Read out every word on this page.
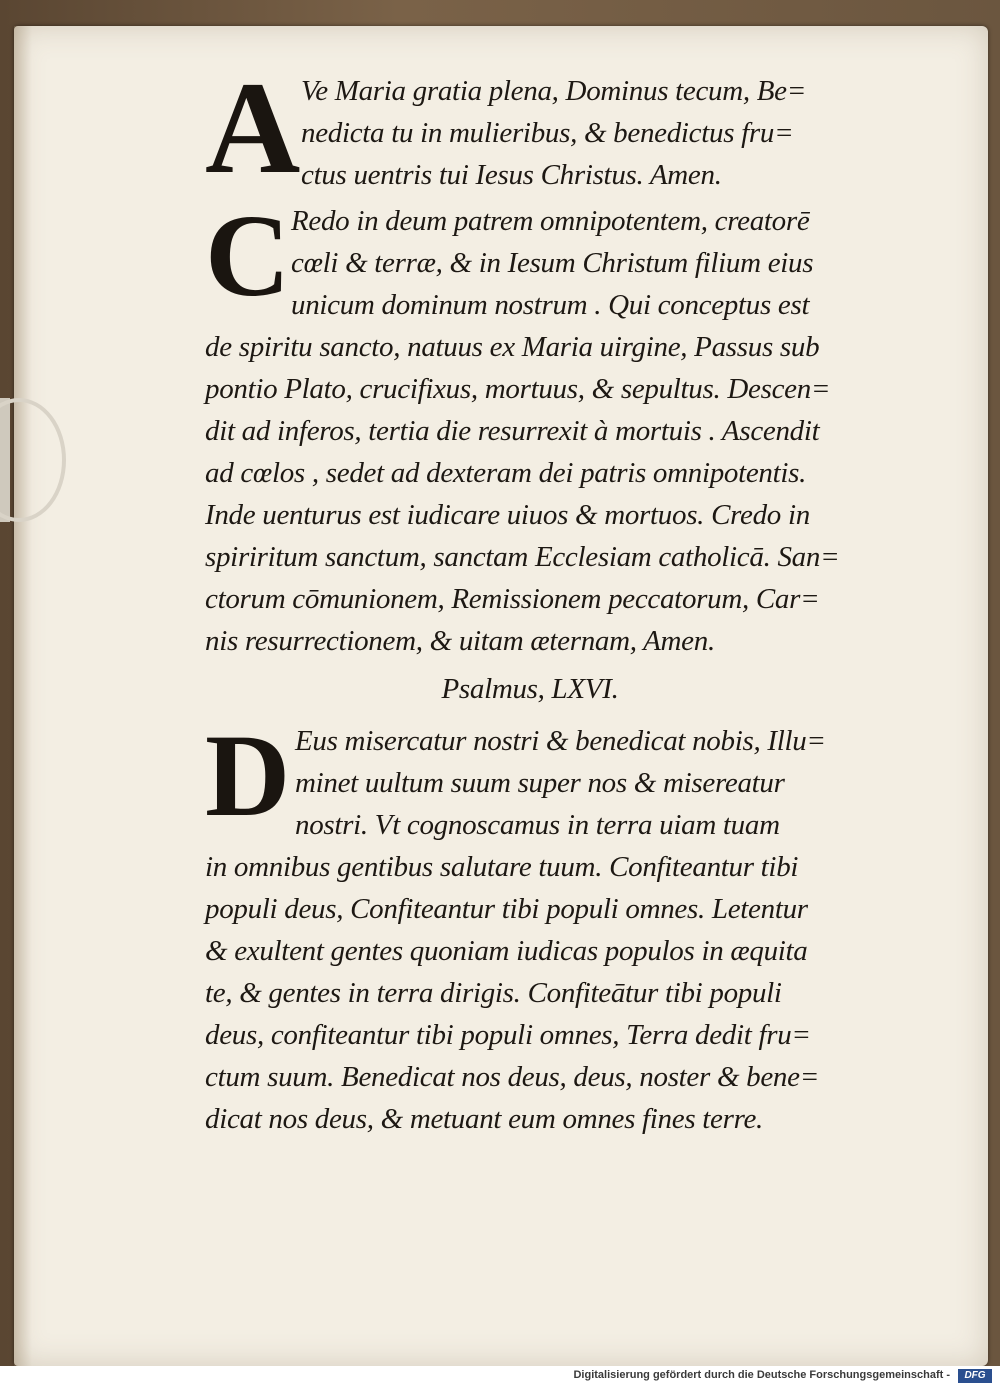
A Ve Maria gratia plena, Dominus tecum, Be=
nedicta tu in mulieribus, & benedictus fru=
ctus uentris tui Iesus Christus. Amen.
C Redo in deum patrem omnipotentem, creatorē
cœli & terræ, & in Iesum Christum filium eius
unicum dominum nostrum . Qui conceptus est
de spiritu sancto, natuus ex Maria uirgine, Passus sub
pontio Plato, crucifixus, mortuus, & sepultus. Descen=
dit ad inferos, tertia die resurrexit à mortuis . Ascendit
ad cœlos , sedet ad dexteram dei patris omnipotentis.
Inde uenturus est iudicare uiuos & mortuos. Credo in
spiriritum sanctum, sanctam Ecclesiam catholicā. San=
ctorum cōmunionem, Remissionem peccatorum, Car=
nis resurrectionem, & uitam æternam, Amen.
Psalmus, LXVI.
D Eus misercatur nostri & benedicat nobis, Illu=
minet uultum suum super nos & misereatur
nostri. Vt cognoscamus in terra uiam tuam
in omnibus gentibus salutare tuum. Confiteantur tibi
populi deus, Confiteantur tibi populi omnes. Letentur
& exultent gentes quoniam iudicas populos in æquita
te, & gentes in terra dirigis. Confiteātur tibi populi
deus, confiteantur tibi populi omnes, Terra dedit fru=
ctum suum. Benedicat nos deus, deus, noster & bene=
dicat nos deus, & metuant eum omnes fines terre.
Digitalisierung gefördert durch die Deutsche Forschungsgemeinschaft -	DFG
